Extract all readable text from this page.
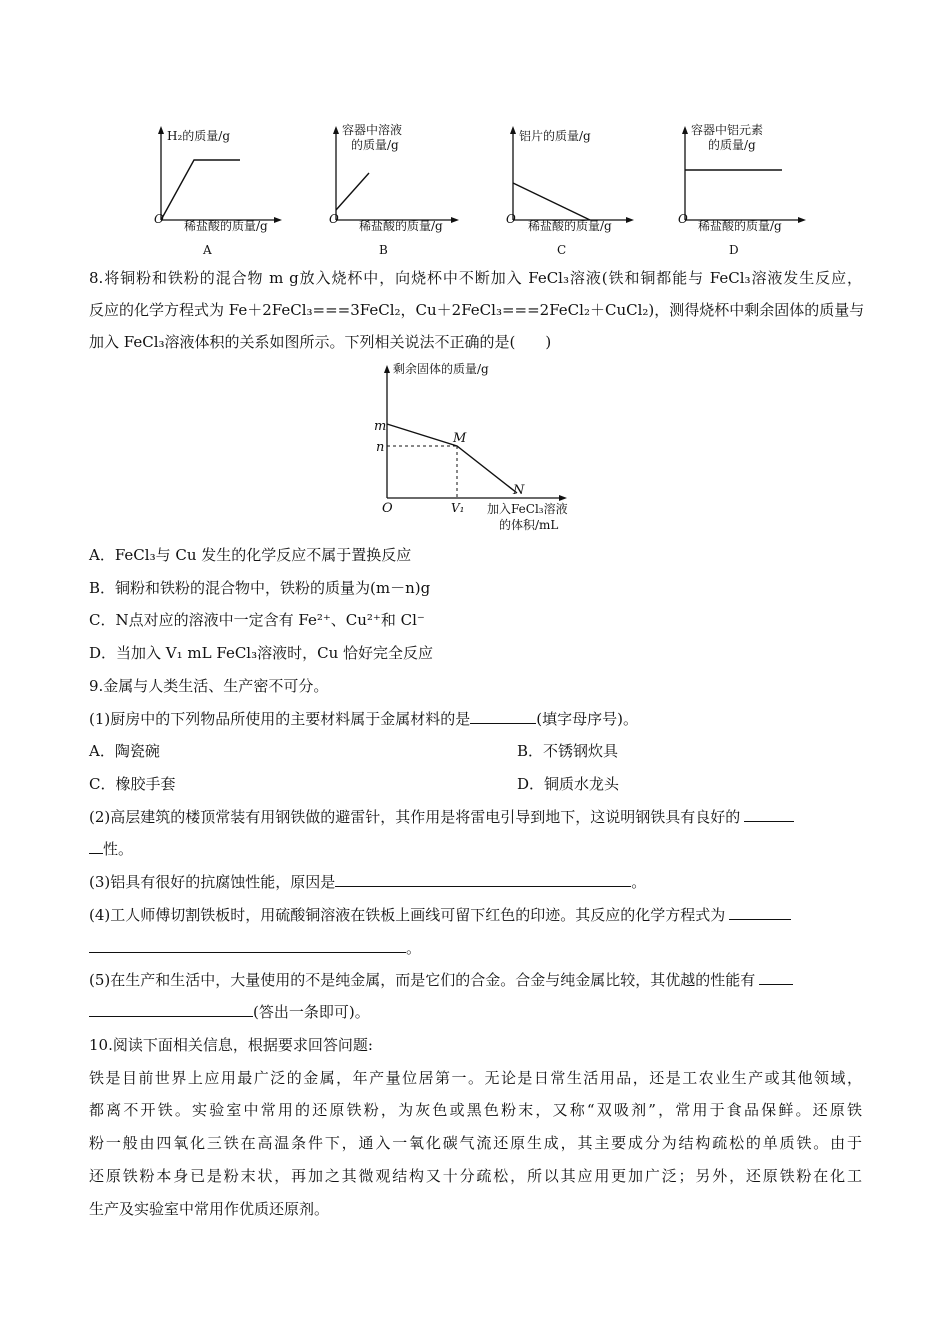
H₂的质量/g
O 稀盐酸的质量/g
A
容器中溶液
的质量/g
O 稀盐酸的质量/g
B
铝片的质量/g
O 稀盐酸的质量/g
C
容器中铝元素
的质量/g
O 稀盐酸的质量/g
D
8.将铜粉和铁粉的混合物 m g放入烧杯中，向烧杯中不断加入 FeCl₃溶液(铁和铜都能与 FeCl₃溶液发生反应，
反应的化学方程式为 Fe＋2FeCl₃===3FeCl₂，Cu＋2FeCl₃===2FeCl₂＋CuCl₂)，测得烧杯中剩余固体的质量与
加入 FeCl₃溶液体积的关系如图所示。下列相关说法不正确的是(　　)
剩余固体的质量/g
m
n
M
N
O	V₁ 加入FeCl₃溶液
的体积/mL
A．FeCl₃与 Cu 发生的化学反应不属于置换反应
B．铜粉和铁粉的混合物中，铁粉的质量为(m－n)g
C．N点对应的溶液中一定含有 Fe²⁺、Cu²⁺和 Cl⁻
D．当加入 V₁ mL FeCl₃溶液时，Cu 恰好完全反应
9.金属与人类生活、生产密不可分。
(1)厨房中的下列物品所使用的主要材料属于金属材料的是	(填字母序号)。
A．陶瓷碗	B．不锈钢炊具
C．橡胶手套	D．铜质水龙头
(2)高层建筑的楼顶常装有用钢铁做的避雷针，其作用是将雷电引导到地下，这说明钢铁具有良好的
性。
(3)铝具有很好的抗腐蚀性能，原因是	。
(4)工人师傅切割铁板时，用硫酸铜溶液在铁板上画线可留下红色的印迹。其反应的化学方程式为
。
(5)在生产和生活中，大量使用的不是纯金属，而是它们的合金。合金与纯金属比较，其优越的性能有
(答出一条即可)。
10.阅读下面相关信息，根据要求回答问题:
铁是目前世界上应用最广泛的金属，年产量位居第一。无论是日常生活用品，还是工农业生产或其他领域，
都离不开铁。实验室中常用的还原铁粉，为灰色或黑色粉末，又称“双吸剂”，常用于食品保鲜。还原铁
粉一般由四氧化三铁在高温条件下，通入一氧化碳气流还原生成，其主要成分为结构疏松的单质铁。由于
还原铁粉本身已是粉末状，再加之其微观结构又十分疏松，所以其应用更加广泛；另外，还原铁粉在化工
生产及实验室中常用作优质还原剂。
